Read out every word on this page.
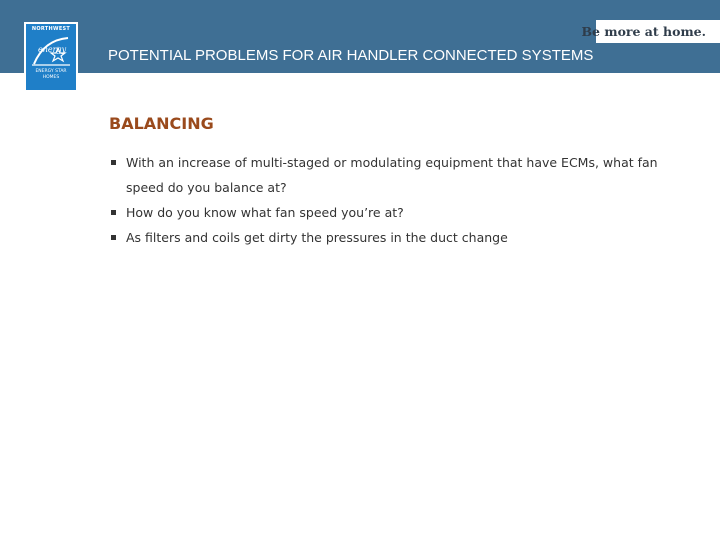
NORTHWEST
energy
ENERGY STAR
HOMES
Be more at home.
POTENTIAL PROBLEMS FOR AIR HANDLER CONNECTED SYSTEMS
BALANCING
With an increase of multi-staged or modulating equipment that have ECMs, what fan speed do you balance at?
How do you know what fan speed you’re at?
As filters and coils get dirty the pressures in the duct change
